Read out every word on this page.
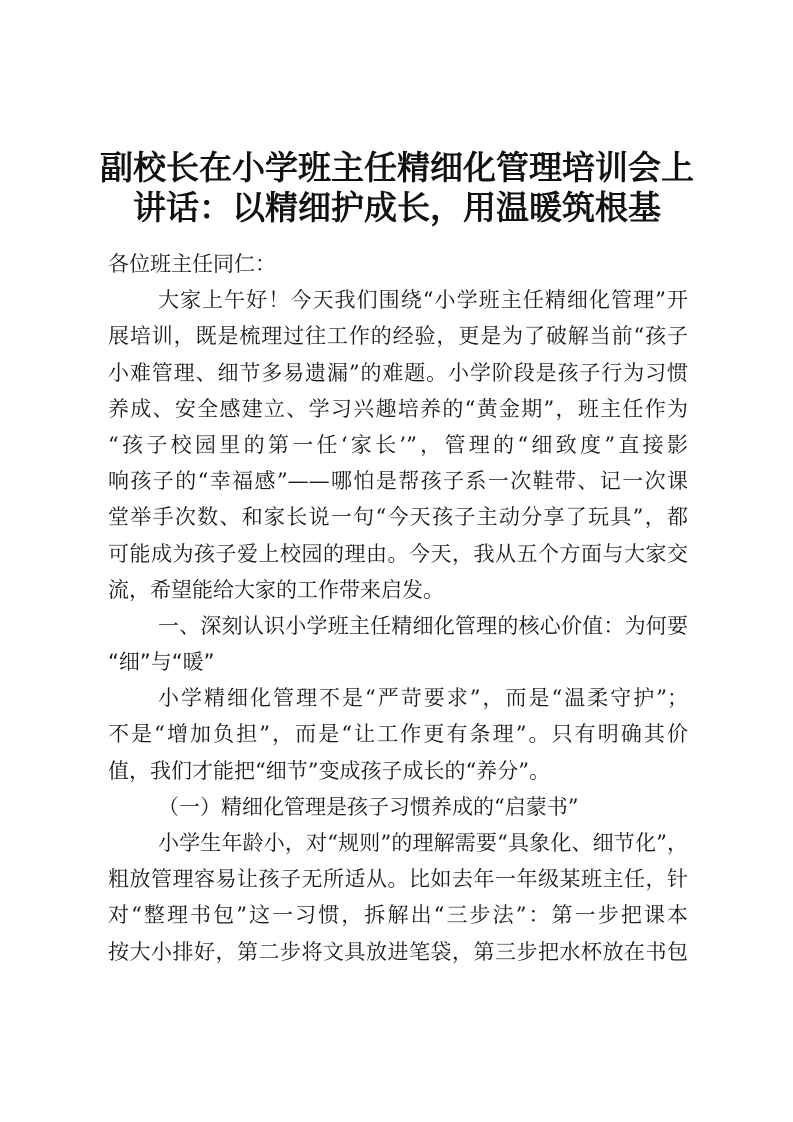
副校长在小学班主任精细化管理培训会上
讲话：以精细护成长，用温暖筑根基
各位班主任同仁：
大家上午好！今天我们围绕“小学班主任精细化管理”开
展培训，既是梳理过往工作的经验，更是为了破解当前“孩子
小难管理、细节多易遗漏”的难题。小学阶段是孩子行为习惯
养成、安全感建立、学习兴趣培养的“黄金期”，班主任作为
“孩子校园里的第一任‘家长’”，管理的“细致度”直接影
响孩子的“幸福感”——哪怕是帮孩子系一次鞋带、记一次课
堂举手次数、和家长说一句“今天孩子主动分享了玩具”，都
可能成为孩子爱上校园的理由。今天，我从五个方面与大家交
流，希望能给大家的工作带来启发。
一、深刻认识小学班主任精细化管理的核心价值：为何要
“细”与“暖”
小学精细化管理不是“严苛要求”，而是“温柔守护”；
不是“增加负担”，而是“让工作更有条理”。只有明确其价
值，我们才能把“细节”变成孩子成长的“养分”。
（一）精细化管理是孩子习惯养成的“启蒙书”
小学生年龄小，对“规则”的理解需要“具象化、细节化”，
粗放管理容易让孩子无所适从。比如去年一年级某班主任，针
对“整理书包”这一习惯，拆解出“三步法”：第一步把课本
按大小排好，第二步将文具放进笔袋，第三步把水杯放在书包
